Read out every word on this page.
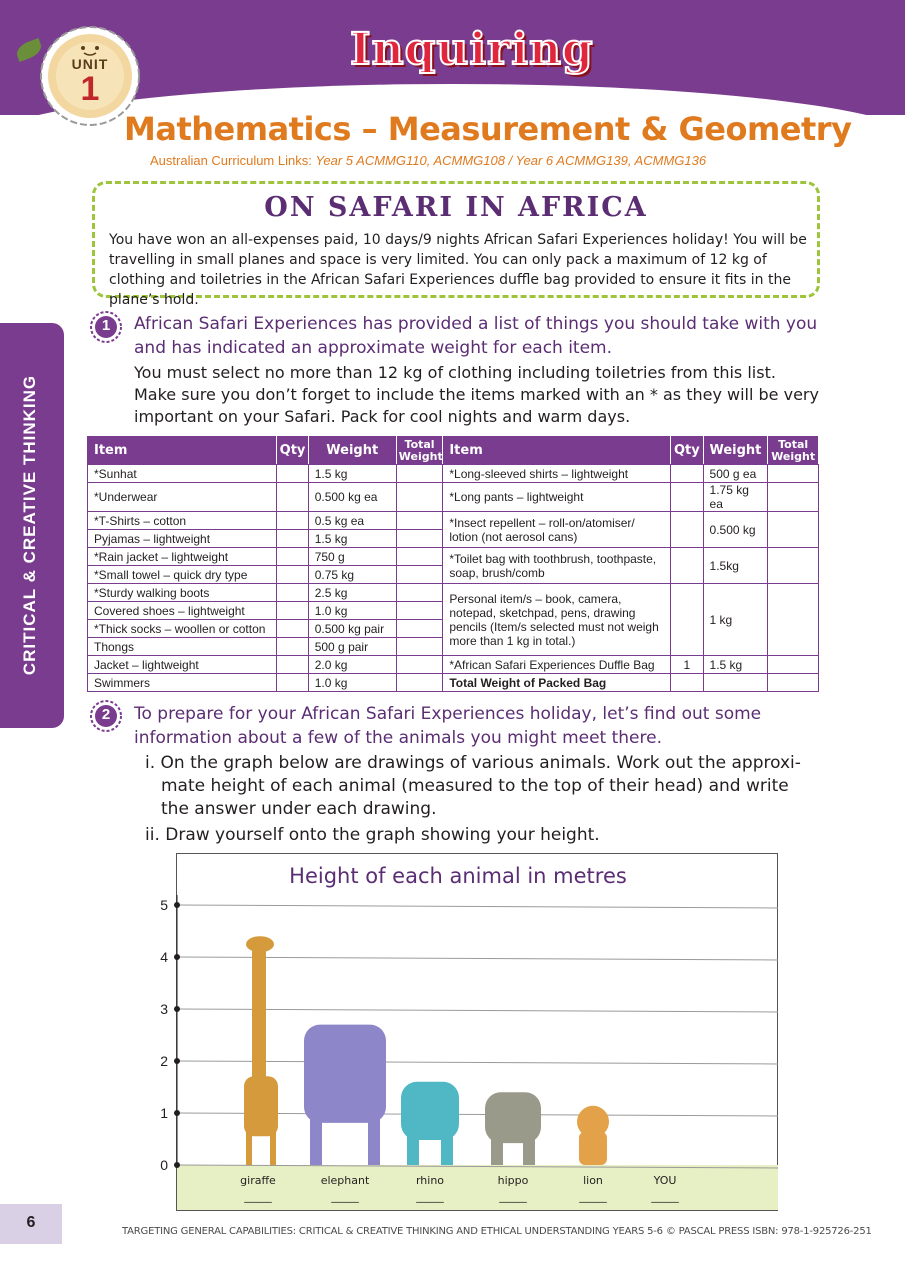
UNIT
1
Inquiring
Mathematics – Measurement & Geometry
Australian Curriculum Links: Year 5 ACMMG110, ACMMG108 / Year 6 ACMMG139, ACMMG136
ON SAFARI IN AFRICA
You have won an all-expenses paid, 10 days/9 nights African Safari Experiences holiday! You will be travelling in small planes and space is very limited. You can only pack a maximum of 12 kg of clothing and toiletries in the African Safari Experiences duffle bag provided to ensure it fits in the plane’s hold.
CRITICAL & CREATIVE THINKING
1	African Safari Experiences has provided a list of things you should take with you
and has indicated an approximate weight for each item.
You must select no more than 12 kg of clothing including toiletries from this list.
Make sure you don’t forget to include the items marked with an * as they will be very
important on your Safari. Pack for cool nights and warm days.
Item	Qty	Weight	Total Weight	Item	Qty	Weight	Total Weight
*Sunhat		1.5 kg		*Long-sleeved shirts – lightweight		500 g ea	
*Underwear		0.500 kg ea		*Long pants – lightweight		1.75 kg ea	
*T-Shirts – cotton		0.5 kg ea		*Insect repellent – roll-on/atomiser/ lotion (not aerosol cans)		0.500 kg	
Pyjamas – lightweight		1.5 kg					
*Rain jacket – lightweight		750 g		*Toilet bag with toothbrush, toothpaste, soap, brush/comb		1.5kg	
*Small towel – quick dry type		0.75 kg					
*Sturdy walking boots		2.5 kg		Personal item/s – book, camera, notepad, sketchpad, pens, drawing pencils (Item/s selected must not weigh more than 1 kg in total.)		1 kg	
Covered shoes – lightweight		1.0 kg					
*Thick socks – woollen or cotton		0.500 kg pair					
Thongs		500 g pair					
Jacket – lightweight		2.0 kg		*African Safari Experiences Duffle Bag	1	1.5 kg	
Swimmers		1.0 kg		Total Weight of Packed Bag			
2	To prepare for your African Safari Experiences holiday, let’s find out some
information about a few of the animals you might meet there.
i. On the graph below are drawings of various animals. Work out the approxi-
mate height of each animal (measured to the top of their head) and write
the answer under each drawing.
ii. Draw yourself onto the graph showing your height.
Height of each animal in metres
0
1
2
3
4
5
giraffe
_____
elephant
_____
rhino
_____
hippo
_____
lion
_____
YOU
_____
6
TARGETING GENERAL CAPABILITIES: CRITICAL & CREATIVE THINKING AND ETHICAL UNDERSTANDING YEARS 5-6 © PASCAL PRESS ISBN: 978-1-925726-251
